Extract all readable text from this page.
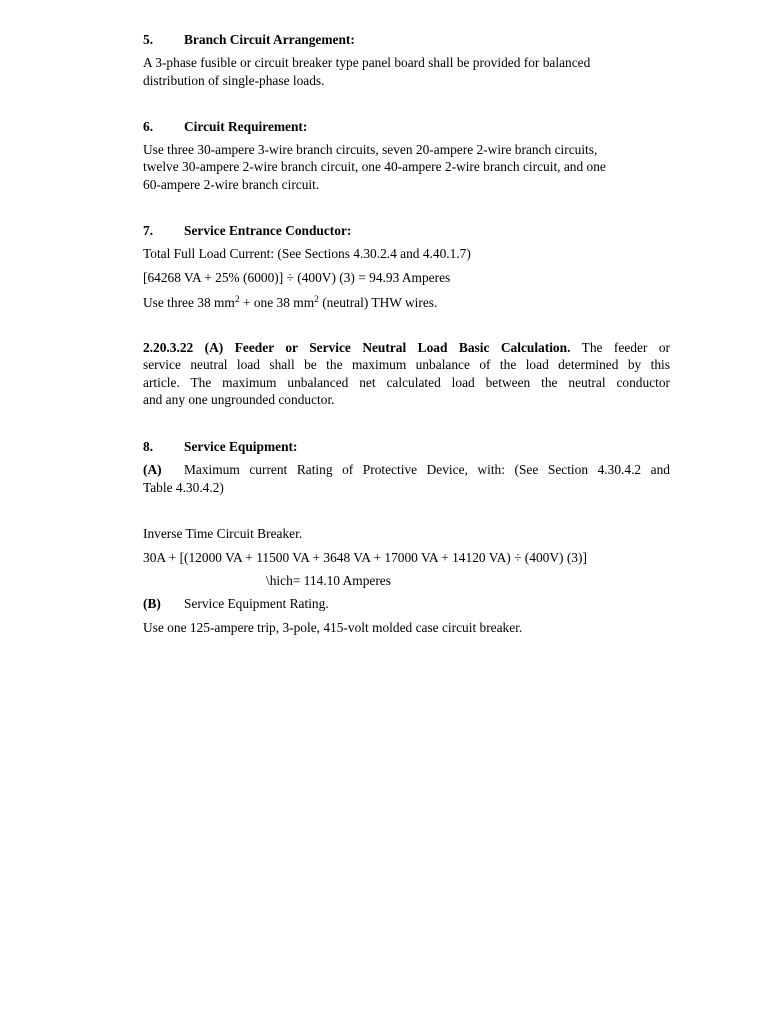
5. Branch Circuit Arrangement:

A 3-phase fusible or circuit breaker type panel board shall be provided for balanced

distribution of single-phase loads.

6. Circuit Requirement:

Use three 30-ampere 3-wire branch circuits, seven 20-ampere 2-wire branch circuits,

twelve 30-ampere 2-wire branch circuit, one 40-ampere 2-wire branch circuit, and one

60-ampere 2-wire branch circuit.

7. Service Entrance Conductor:

Total Full Load Current: (See Sections 4.30.2.4 and 4.40.1.7)

[64268 VA + 25% (6000)] ÷ (400V) (3) = 94.93 Amperes

Use three 38 $mm^2$ + one 38 $mm^2$ (neutral) THW wires.

2.20.3.22 (A) Feeder or Service Neutral Load Basic Calculation. The feeder or

service neutral load shall be the maximum unbalance of the load determined by this

article. The maximum unbalanced net calculated load between the neutral conductor

and any one ungrounded conductor.

8. Service Equipment:

(A) Maximum current Rating of Protective Device, with: (See Section 4.30.4.2 and

Table 4.30.4.2)

Inverse Time Circuit Breaker.

30A + [(12000 VA + 11500 VA + 3648 VA + 17000 VA + 14120 VA) ÷ (400V) (3)]

\hich= 114.10 Amperes

(B) Service Equipment Rating.

Use one 125-ampere trip, 3-pole, 415-volt molded case circuit breaker.
